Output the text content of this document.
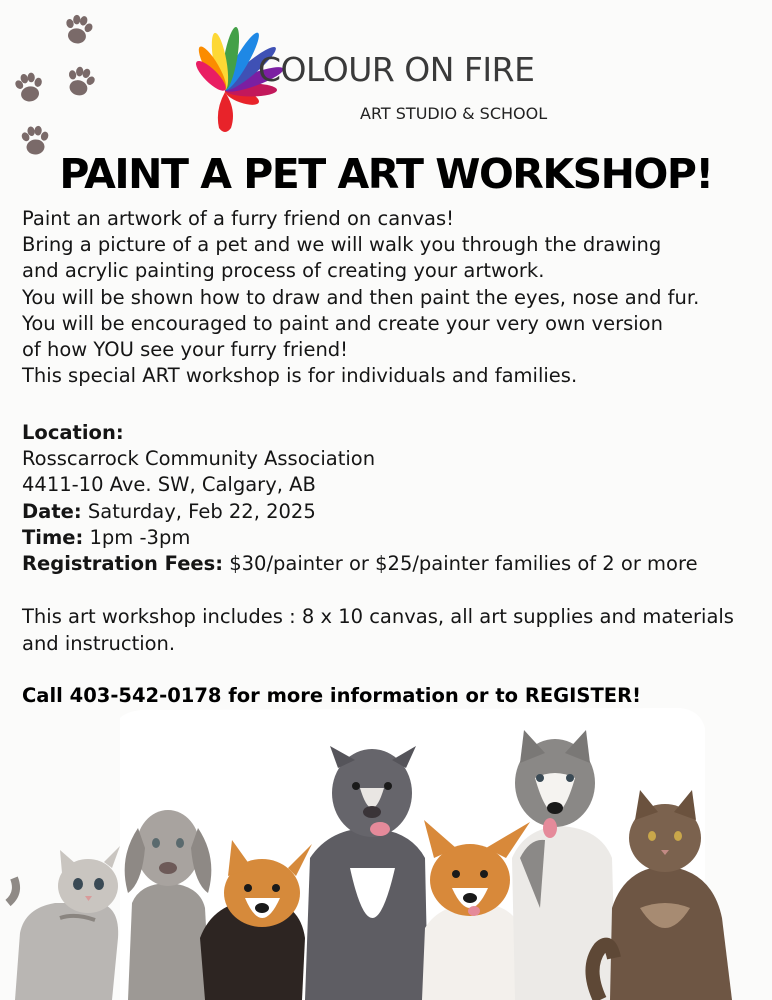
COLOUR ON FIRE
ART STUDIO & SCHOOL
PAINT A PET ART WORKSHOP!
Paint an artwork of a furry friend on canvas!
Bring a picture of a pet and we will walk you through the drawing
and acrylic painting process of creating your artwork.
You will be shown how to draw and then paint the eyes, nose and fur.
You will be encouraged to paint and create your very own version
of how YOU see your furry friend!
This special ART workshop is for individuals and families.
Location:
Rosscarrock Community Association
4411-10 Ave. SW, Calgary, AB
Date: Saturday, Feb 22, 2025
Time: 1pm -3pm
Registration Fees: $30/painter or $25/painter families of 2 or more
This art workshop includes : 8 x 10 canvas, all art supplies and materials
and instruction.
Call 403-542-0178 for more information or to REGISTER!
